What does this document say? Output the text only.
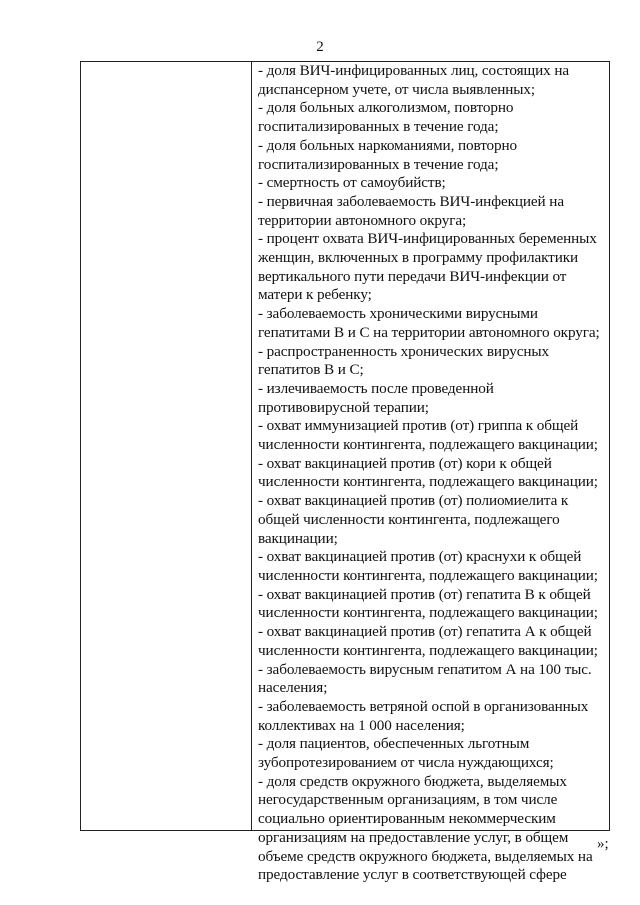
2
- доля ВИЧ-инфицированных лиц, состоящих на
диспансерном учете, от числа выявленных;
- доля больных алкоголизмом, повторно
госпитализированных в течение года;
- доля больных наркоманиями, повторно
госпитализированных в течение года;
- смертность от самоубийств;
- первичная заболеваемость ВИЧ-инфекцией на
территории автономного округа;
- процент охвата ВИЧ-инфицированных беременных
женщин, включенных в программу профилактики
вертикального пути передачи ВИЧ-инфекции от
матери к ребенку;
- заболеваемость хроническими вирусными
гепатитами В и С на территории автономного округа;
- распространенность хронических вирусных
гепатитов В и С;
- излечиваемость после проведенной
противовирусной терапии;
- охват иммунизацией против (от) гриппа к общей
численности контингента, подлежащего вакцинации;
- охват вакцинацией против (от) кори к общей
численности контингента, подлежащего вакцинации;
- охват вакцинацией против (от) полиомиелита к
общей численности контингента, подлежащего
вакцинации;
- охват вакцинацией против (от) краснухи к общей
численности контингента, подлежащего вакцинации;
- охват вакцинацией против (от) гепатита В к общей
численности контингента, подлежащего вакцинации;
- охват вакцинацией против (от) гепатита А к общей
численности контингента, подлежащего вакцинации;
- заболеваемость вирусным гепатитом А на 100 тыс.
населения;
- заболеваемость ветряной оспой в организованных
коллективах на 1 000 населения;
- доля пациентов, обеспеченных льготным
зубопротезированием от числа нуждающихся;
- доля средств окружного бюджета, выделяемых
негосударственным организациям, в том числе
социально ориентированным некоммерческим
организациям на предоставление услуг, в общем
объеме средств окружного бюджета, выделяемых на
предоставление услуг в соответствующей сфере
»;
